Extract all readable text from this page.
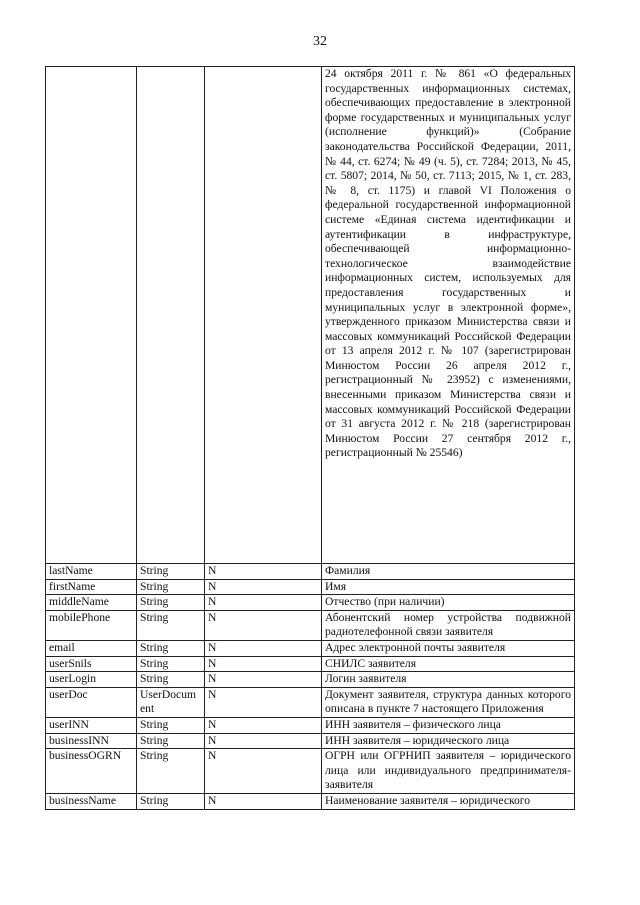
32
			24 октября 2011 г. № 861 «О федеральных государственных информационных системах, обеспечивающих предоставление в электронной форме государственных и муниципальных услуг (исполнение функций)» (Собрание законодательства Российской Федерации, 2011, № 44, ст. 6274; № 49 (ч. 5), ст. 7284; 2013, № 45, ст. 5807; 2014, № 50, ст. 7113; 2015, № 1, ст. 283, № 8, ст. 1175) и главой VI Положения о федеральной государственной информационной системе «Единая система идентификации и аутентификации в инфраструктуре, обеспечивающей информационно-технологическое взаимодействие информационных систем, используемых для предоставления государственных и муниципальных услуг в электронной форме», утвержденного приказом Министерства связи и массовых коммуникаций Российской Федерации от 13 апреля 2012 г. № 107 (зарегистрирован Минюстом России 26 апреля 2012 г., регистрационный № 23952) с изменениями, внесенными приказом Министерства связи и массовых коммуникаций Российской Федерации от 31 августа 2012 г. № 218 (зарегистрирован Минюстом России 27 сентября 2012 г., регистрационный № 25546)
lastName	String	N	Фамилия
firstName	String	N	Имя
middleName	String	N	Отчество (при наличии)
mobilePhone	String	N	Абонентский номер устройства подвижной радиотелефонной связи заявителя
email	String	N	Адрес электронной почты заявителя
userSnils	String	N	СНИЛС заявителя
userLogin	String	N	Логин заявителя
userDoc	UserDocument	N	Документ заявителя, структура данных которого описана в пункте 7 настоящего Приложения
userINN	String	N	ИНН заявителя – физического лица
businessINN	String	N	ИНН заявителя – юридического лица
businessOGRN	String	N	ОГРН или ОГРНИП заявителя – юридического лица или индивидуального предпринимателя-заявителя
businessName	String	N	Наименование заявителя – юридического
